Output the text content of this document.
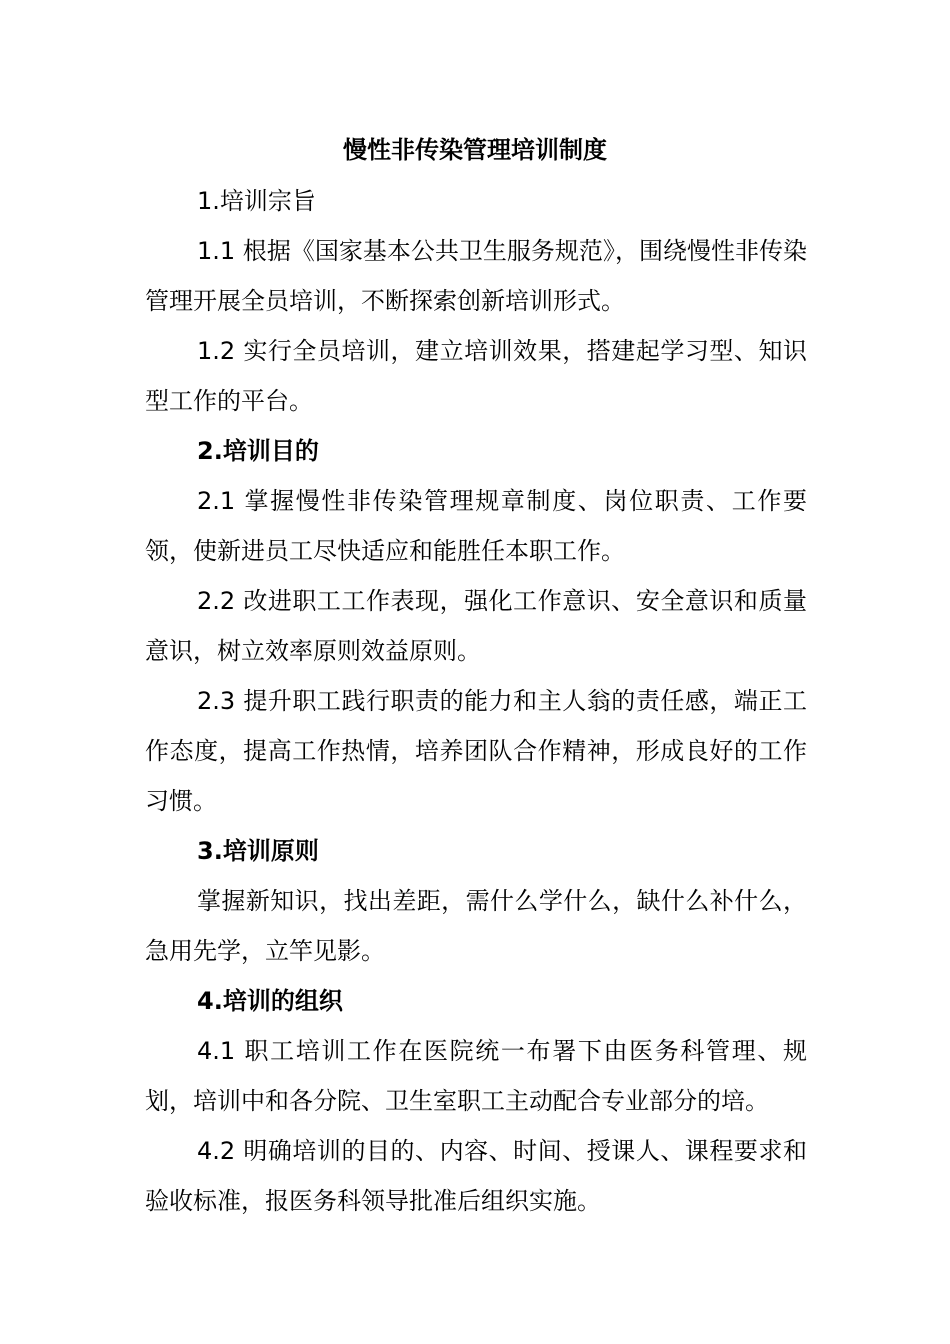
慢性非传染管理培训制度

1.培训宗旨

1.1 根据《国家基本公共卫生服务规范》，围绕慢性非传染管理开展全员培训，不断探索创新培训形式。

1.2 实行全员培训，建立培训效果，搭建起学习型、知识型工作的平台。

2.培训目的

2.1 掌握慢性非传染管理规章制度、岗位职责、工作要领，使新进员工尽快适应和能胜任本职工作。

2.2 改进职工工作表现，强化工作意识、安全意识和质量意识，树立效率原则效益原则。

2.3 提升职工践行职责的能力和主人翁的责任感，端正工作态度，提高工作热情，培养团队合作精神，形成良好的工作习惯。

3.培训原则

掌握新知识，找出差距，需什么学什么，缺什么补什么，急用先学，立竿见影。

4.培训的组织

4.1 职工培训工作在医院统一布署下由医务科管理、规划，培训中和各分院、卫生室职工主动配合专业部分的培。

4.2 明确培训的目的、内容、时间、授课人、课程要求和验收标准，报医务科领导批准后组织实施。
